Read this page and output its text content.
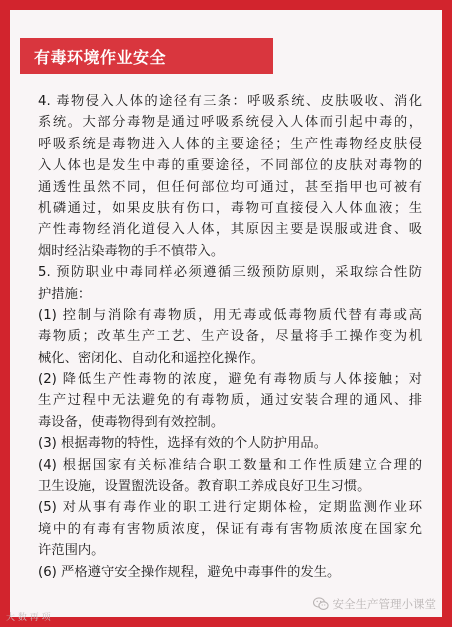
有毒环境作业安全
4. 毒物侵入人体的途径有三条：呼吸系统、皮肤吸收、消化
系统。大部分毒物是通过呼吸系统侵入人体而引起中毒的，
呼吸系统是毒物进入人体的主要途径；生产性毒物经皮肤侵
入人体也是发生中毒的重要途径，不同部位的皮肤对毒物的
通透性虽然不同，但任何部位均可通过，甚至指甲也可被有
机磷通过，如果皮肤有伤口，毒物可直接侵入人体血液；生
产性毒物经消化道侵入人体，其原因主要是误服或进食、吸
烟时经沾染毒物的手不慎带入。
5. 预防职业中毒同样必须遵循三级预防原则，采取综合性防
护措施：
(1) 控制与消除有毒物质，用无毒或低毒物质代替有毒或高
毒物质；改革生产工艺、生产设备，尽量将手工操作变为机
械化、密闭化、自动化和遥控化操作。
(2) 降低生产性毒物的浓度，避免有毒物质与人体接触；对
生产过程中无法避免的有毒物质，通过安装合理的通风、排
毒设备，使毒物得到有效控制。
(3) 根据毒物的特性，选择有效的个人防护用品。
(4) 根据国家有关标准结合职工数量和工作性质建立合理的
卫生设施，设置盥洗设备。教育职工养成良好卫生习惯。
(5) 对从事有毒作业的职工进行定期体检，定期监测作业环
境中的有毒有害物质浓度，保证有毒有害物质浓度在国家允
许范围内。
(6) 严格遵守安全操作规程，避免中毒事件的发生。
大 数 再 项
安全生产管理小课堂
